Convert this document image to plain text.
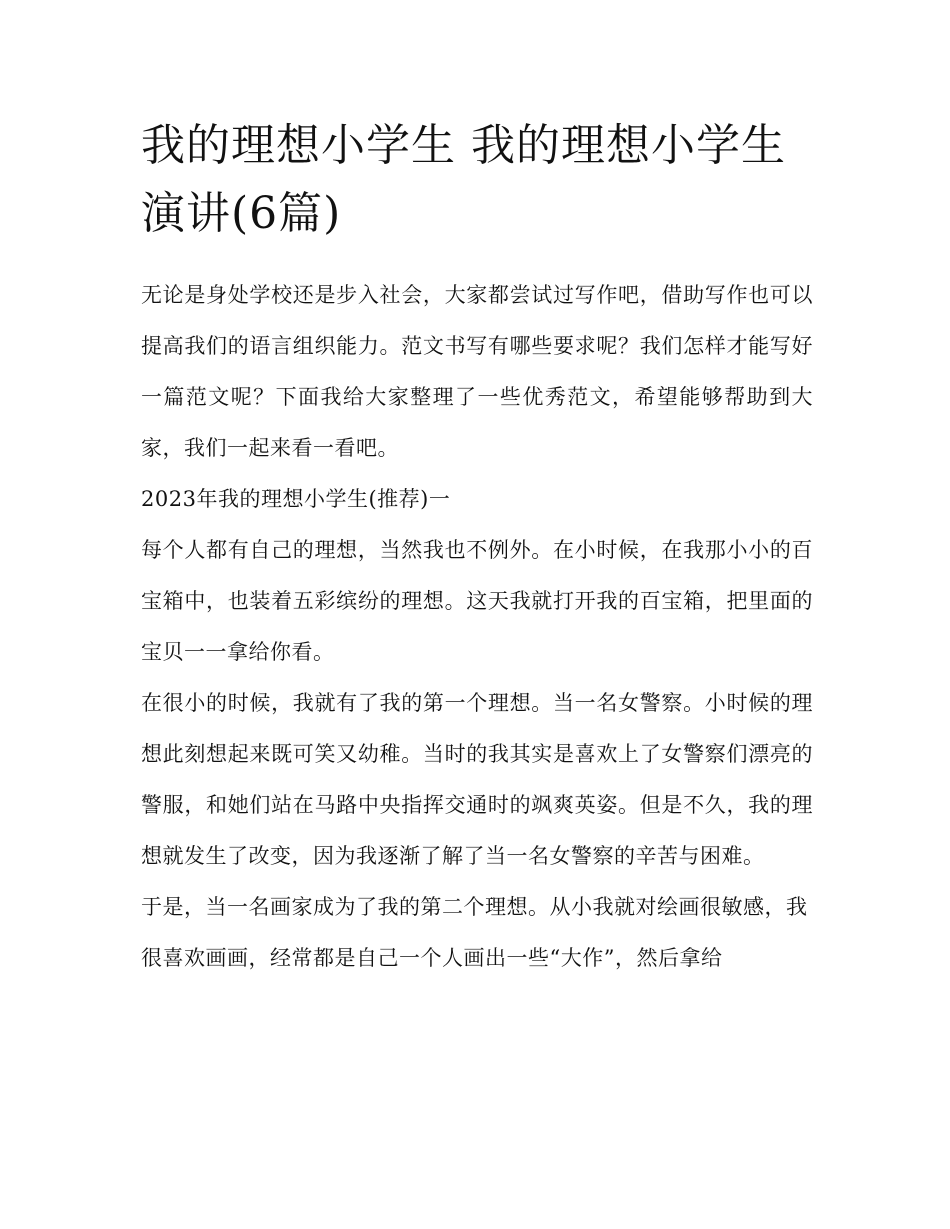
我的理想小学生 我的理想小学生演讲(6篇)

无论是身处学校还是步入社会，大家都尝试过写作吧，借助写作也可以提高我们的语言组织能力。范文书写有哪些要求呢？我们怎样才能写好一篇范文呢？下面我给大家整理了一些优秀范文，希望能够帮助到大家，我们一起来看一看吧。

2023年我的理想小学生(推荐)一

每个人都有自己的理想，当然我也不例外。在小时候，在我那小小的百宝箱中，也装着五彩缤纷的理想。这天我就打开我的百宝箱，把里面的宝贝一一拿给你看。

在很小的时候，我就有了我的第一个理想。当一名女警察。小时候的理想此刻想起来既可笑又幼稚。当时的我其实是喜欢上了女警察们漂亮的警服，和她们站在马路中央指挥交通时的飒爽英姿。但是不久，我的理想就发生了改变，因为我逐渐了解了当一名女警察的辛苦与困难。

于是，当一名画家成为了我的第二个理想。从小我就对绘画很敏感，我

很喜欢画画，经常都是自己一个人画出一些“大作”，然后拿给
